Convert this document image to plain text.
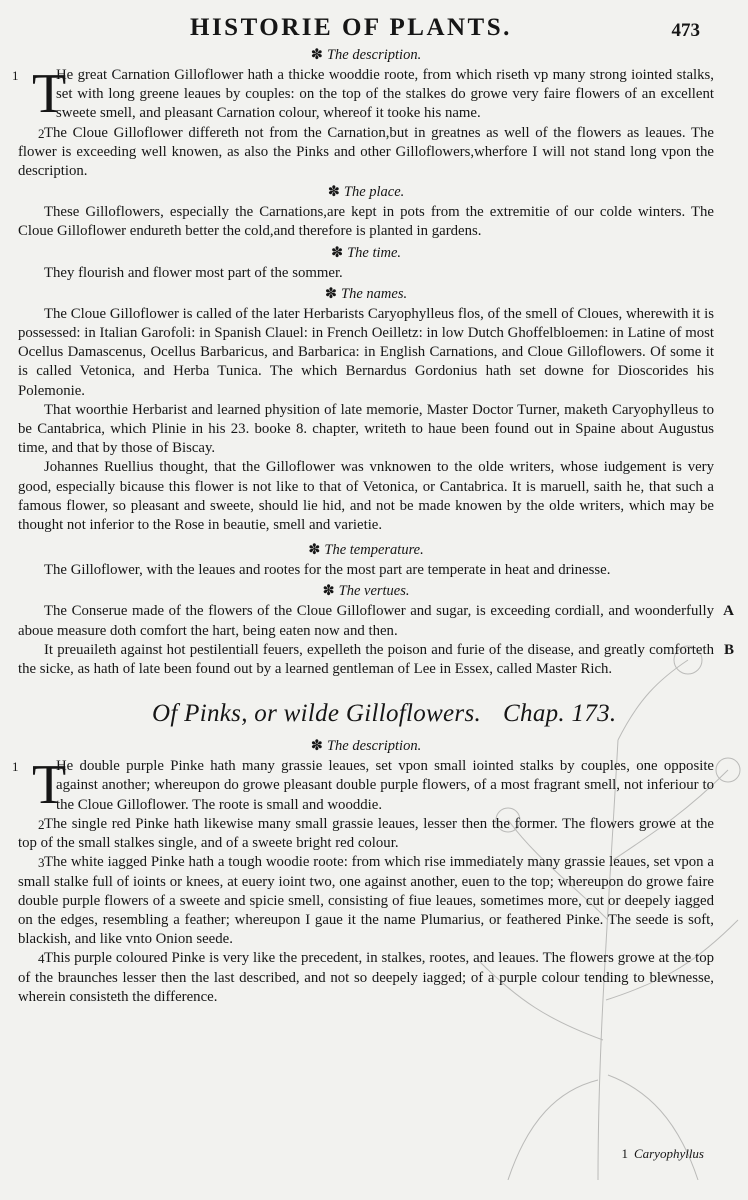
HISTORIE OF PLANTS.	473
✽ The description.
1 T
He great Carnation Gilloflower hath a thicke wooddie roote, from which riseth vp many strong iointed stalks, set with long greene leaues by couples: on the top of the stalkes do growe very faire flowers of an excellent sweete smell, and pleasant Carnation colour, whereof it tooke his name.
2 The Cloue Gilloflower differeth not from the Carnation,but in greatnes as well of the flowers as leaues. The flower is exceeding well knowen, as also the Pinks and other Gilloflowers,wherfore I will not stand long vpon the description.
✽ The place.
These Gilloflowers, especially the Carnations,are kept in pots from the extremitie of our colde winters. The Cloue Gilloflower endureth better the cold,and therefore is planted in gardens.
✽ The time.
They flourish and flower most part of the sommer.
✽ The names.
The Cloue Gilloflower is called of the later Herbarists Caryophylleus flos, of the smell of Cloues, wherewith it is possessed: in Italian Garofoli: in Spanish Clauel: in French Oeilletz: in low Dutch Ghoffelbloemen: in Latine of most Ocellus Damascenus, Ocellus Barbaricus, and Barbarica: in English Carnations, and Cloue Gilloflowers. Of some it is called Vetonica, and Herba Tunica. The which Bernardus Gordonius hath set downe for Dioscorides his Polemonie.
That woorthie Herbarist and learned physition of late memorie, Master Doctor Turner, maketh Caryophylleus to be Cantabrica, which Plinie in his 23. booke 8. chapter, writeth to haue been found out in Spaine about Augustus time, and that by those of Biscay.
Johannes Ruellius thought, that the Gilloflower was vnknowen to the olde writers, whose iudgement is very good, especially bicause this flower is not like to that of Vetonica, or Cantabrica. It is maruell, saith he, that such a famous flower, so pleasant and sweete, should lie hid, and not be made knowen by the olde writers, which may be thought not inferior to the Rose in beautie, smell and varietie.
✽ The temperature.
The Gilloflower, with the leaues and rootes for the most part are temperate in heat and drinesse.
✽ The vertues.
A
The Conserue made of the flowers of the Cloue Gilloflower and sugar, is exceeding cordiall, and woonderfully aboue measure doth comfort the hart, being eaten now and then.
B
It preuaileth against hot pestilentiall feuers, expelleth the poison and furie of the disease, and greatly comforteth the sicke, as hath of late been found out by a learned gentleman of Lee in Essex, called Master Rich.
Of Pinks, or wilde Gilloflowers. Chap. 173.
✽ The description.
1 T
He double purple Pinke hath many grassie leaues, set vpon small iointed stalks by couples, one opposite against another; whereupon do growe pleasant double purple flowers, of a most fragrant smell, not inferiour to the Cloue Gilloflower. The roote is small and wooddie.
2 The single red Pinke hath likewise many small grassie leaues, lesser then the former. The flowers growe at the top of the small stalkes single, and of a sweete bright red colour.
3 The white iagged Pinke hath a tough woodie roote: from which rise immediately many grassie leaues, set vpon a small stalke full of ioints or knees, at euery ioint two, one against another, euen to the top; whereupon do growe faire double purple flowers of a sweete and spicie smell, consisting of fiue leaues, sometimes more, cut or deepely iagged on the edges, resembling a feather; whereupon I gaue it the name Plumarius, or feathered Pinke. The seede is soft, blackish, and like vnto Onion seede.
4 This purple coloured Pinke is very like the precedent, in stalkes, rootes, and leaues. The flowers growe at the top of the braunches lesser then the last described, and not so deepely iagged; of a purple colour tending to blewnesse, wherein consisteth the difference.
1 Caryophyllus
